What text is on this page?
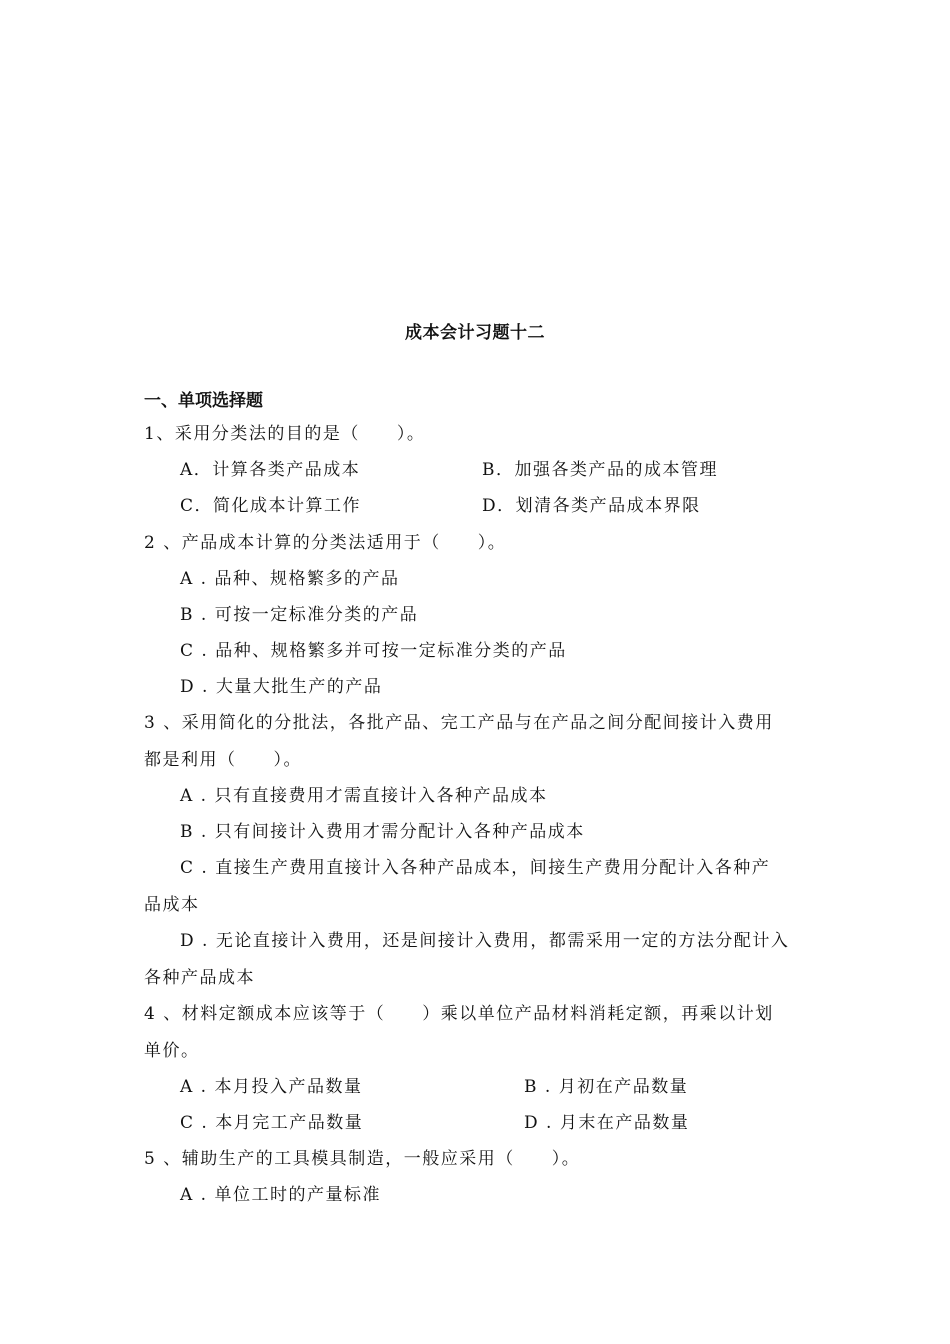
成本会计习题十二
一、单项选择题
1、采用分类法的目的是（　　）。
A．计算各类产品成本	B．加强各类产品的成本管理
C．简化成本计算工作	D．划清各类产品成本界限
2 、产品成本计算的分类法适用于（　　）。
A . 品种、规格繁多的产品
B . 可按一定标准分类的产品
C . 品种、规格繁多并可按一定标准分类的产品
D . 大量大批生产的产品
3 、采用简化的分批法，各批产品、完工产品与在产品之间分配间接计入费用
都是利用（　　）。
A . 只有直接费用才需直接计入各种产品成本
B . 只有间接计入费用才需分配计入各种产品成本
C . 直接生产费用直接计入各种产品成本，间接生产费用分配计入各种产
品成本
D . 无论直接计入费用，还是间接计入费用，都需采用一定的方法分配计入
各种产品成本
4 、材料定额成本应该等于（　　）乘以单位产品材料消耗定额，再乘以计划
单价。
A . 本月投入产品数量	B . 月初在产品数量
C . 本月完工产品数量	D . 月末在产品数量
5 、辅助生产的工具模具制造，一般应采用（　　）。
A . 单位工时的产量标准
